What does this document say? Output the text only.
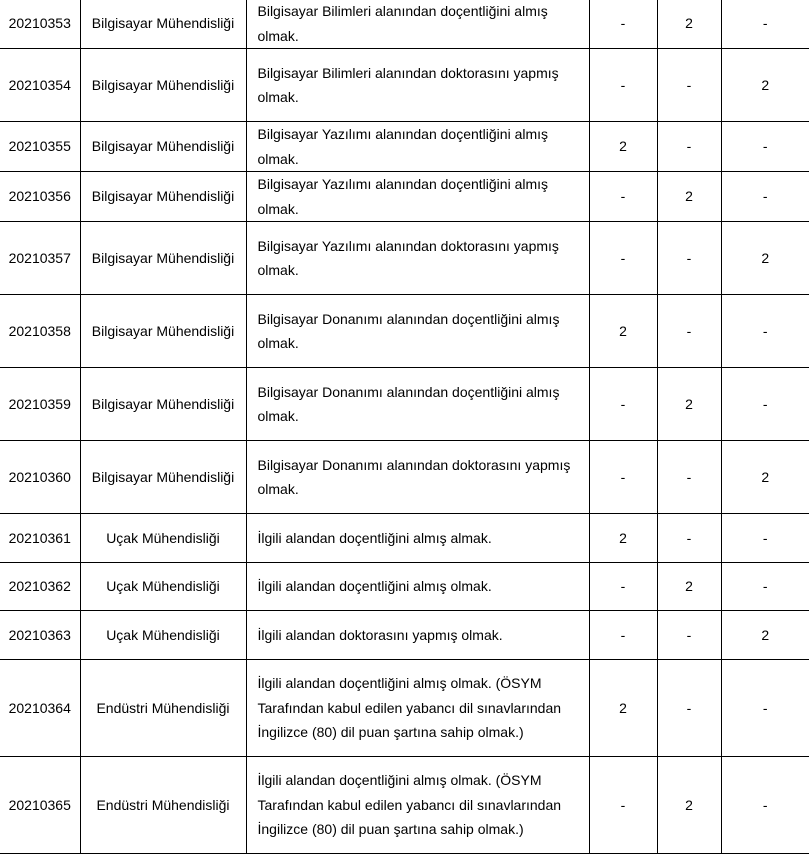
20210353	Bilgisayar Mühendisliği	Bilgisayar Bilimleri alanından doçentliğini almış olmak.	-	2	-
20210354	Bilgisayar Mühendisliği	Bilgisayar Bilimleri alanından doktorasını yapmış olmak.	-	-	2
20210355	Bilgisayar Mühendisliği	Bilgisayar Yazılımı alanından doçentliğini almış olmak.	2	-	-
20210356	Bilgisayar Mühendisliği	Bilgisayar Yazılımı alanından doçentliğini almış olmak.	-	2	-
20210357	Bilgisayar Mühendisliği	Bilgisayar Yazılımı alanından doktorasını yapmış olmak.	-	-	2
20210358	Bilgisayar Mühendisliği	Bilgisayar Donanımı alanından doçentliğini almış olmak.	2	-	-
20210359	Bilgisayar Mühendisliği	Bilgisayar Donanımı alanından doçentliğini almış olmak.	-	2	-
20210360	Bilgisayar Mühendisliği	Bilgisayar Donanımı alanından doktorasını yapmış olmak.	-	-	2
20210361	Uçak Mühendisliği	İlgili alandan doçentliğini almış almak.	2	-	-
20210362	Uçak Mühendisliği	İlgili alandan doçentliğini almış olmak.	-	2	-
20210363	Uçak Mühendisliği	İlgili alandan doktorasını yapmış olmak.	-	-	2
20210364	Endüstri Mühendisliği	İlgili alandan doçentliğini almış olmak. (ÖSYM Tarafından kabul edilen yabancı dil sınavlarından İngilizce (80) dil puan şartına sahip olmak.)	2	-	-
20210365	Endüstri Mühendisliği	İlgili alandan doçentliğini almış olmak. (ÖSYM Tarafından kabul edilen yabancı dil sınavlarından İngilizce (80) dil puan şartına sahip olmak.)	-	2	-
